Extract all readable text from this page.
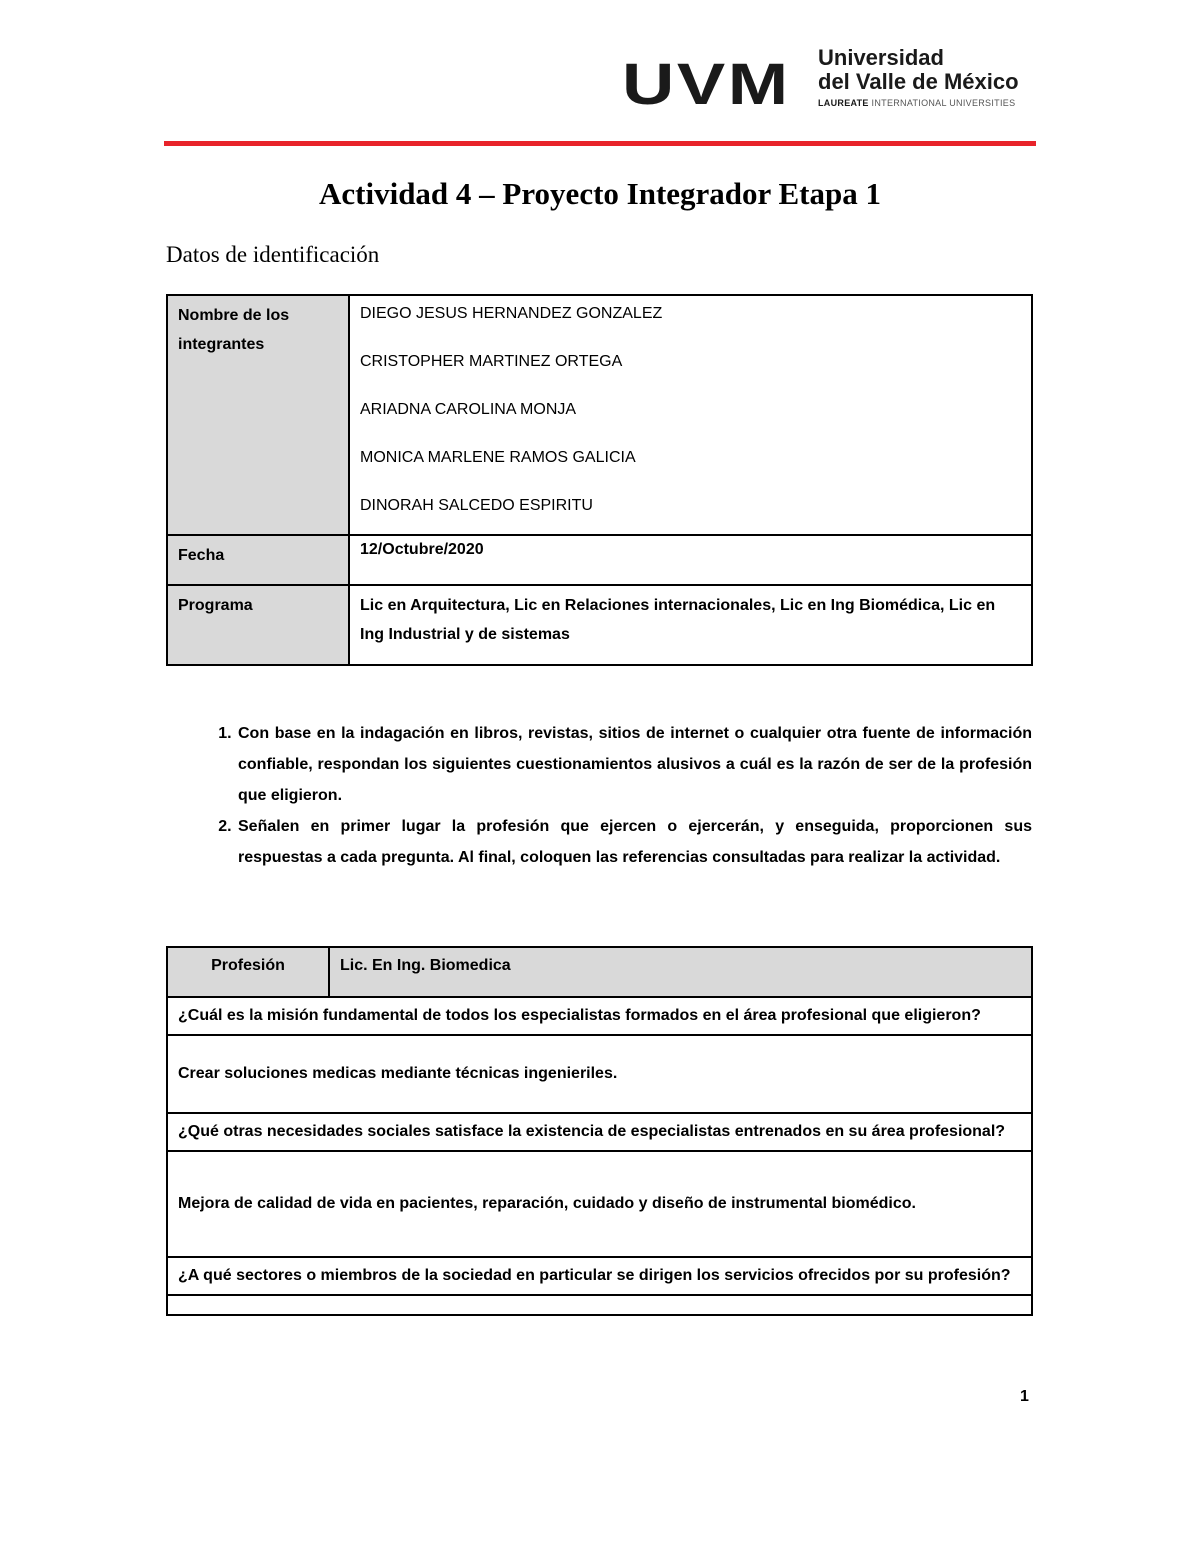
UVM Universidad
del Valle de México
LAUREATE INTERNATIONAL UNIVERSITIES
Actividad 4 – Proyecto Integrador Etapa 1
Datos de identificación
Nombre de los integrantes	DIEGO JESUS HERNANDEZ GONZALEZ
CRISTOPHER MARTINEZ ORTEGA
ARIADNA CAROLINA MONJA
MONICA MARLENE RAMOS GALICIA
DINORAH SALCEDO ESPIRITU

Fecha	12/Octubre/2020
Programa	Lic en Arquitectura, Lic en Relaciones internacionales, Lic en Ing Biomédica, Lic en Ing Industrial y de sistemas
1. Con base en la indagación en libros, revistas, sitios de internet o cualquier otra fuente de información confiable, respondan los siguientes cuestionamientos alusivos a cuál es la razón de ser de la profesión que eligieron.
2. Señalen en primer lugar la profesión que ejercen o ejercerán, y enseguida, proporcionen sus respuestas a cada pregunta. Al final, coloquen las referencias consultadas para realizar la actividad.
Profesión	Lic. En Ing. Biomedica
¿Cuál es la misión fundamental de todos los especialistas formados en el área profesional que eligieron?
Crear soluciones medicas mediante técnicas ingenieriles.
¿Qué otras necesidades sociales satisface la existencia de especialistas entrenados en su área profesional?
Mejora de calidad de vida en pacientes, reparación, cuidado y diseño de instrumental biomédico.
¿A qué sectores o miembros de la sociedad en particular se dirigen los servicios ofrecidos por su profesión?

1
